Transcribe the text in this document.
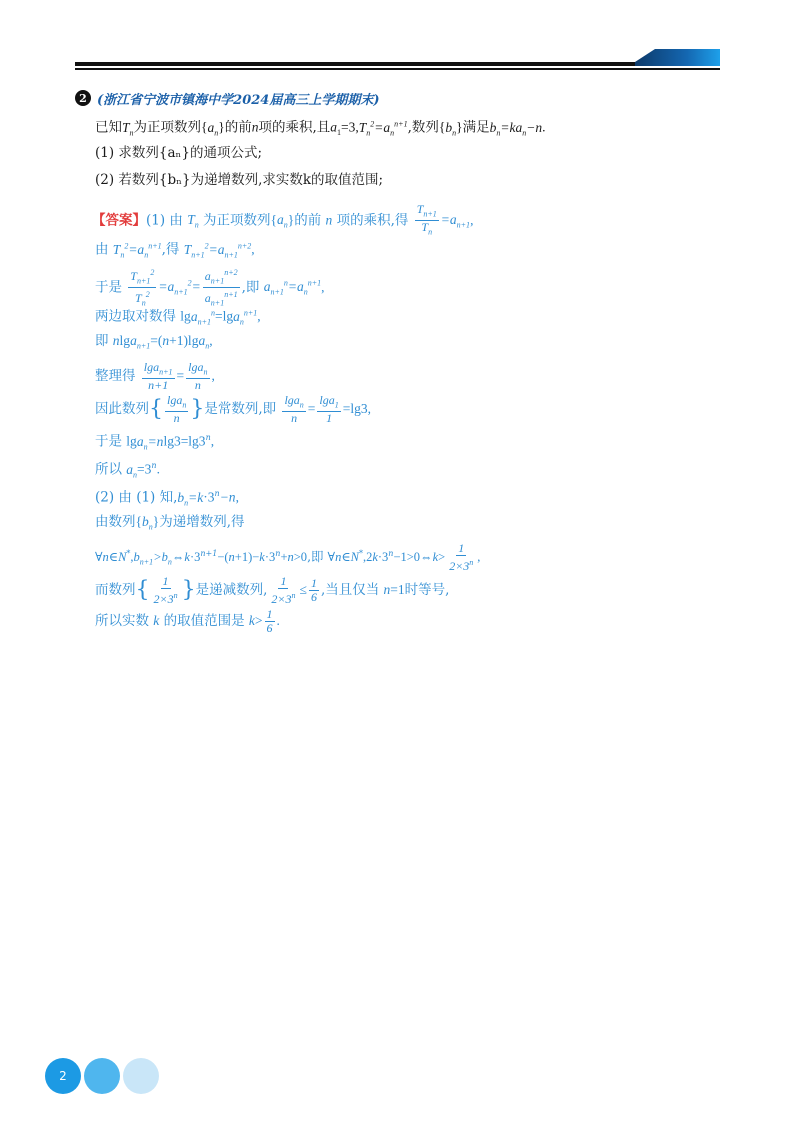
2 (浙江省宁波市镇海中学2024届高三上学期期末)
已知$T_n$为正项数列$\{a_n\}$的前n项的乘积,且$a_1=3,T_n^2=a_n^{n+1}$,数列$\{b_n\}$满足$b_n=ka_n-n$.
(1) 求数列{aₙ}的通项公式;
(2) 若数列{bₙ}为递增数列,求实数k的取值范围;
【答案】(1) 由 $T_n$ 为正项数列$\{a_n\}$的前 n 项的乘积,得 $\frac{T_{n+1}}{T_n} =a_{n+1}$,
由 $T_n^2=a_n^{n+1}$,得 $T_{n+1}^2=a_{n+1}^{n+2}$,
于是 $\frac{T_{n+1}^2}{T_n^2} =a_{n+1}^2= \frac{a_{n+1}^{n+2}}{a_{n+1}^{n+1}}$ ,即 $a_{n+1}^n=a_n^{n+1}$,
两边取对数得 lga$_{n+1}^n$=lga$_n^{n+1}$,
即 nlga$_{n+1}$=(n+1)lga$_n$,
整理得 $\frac{\lg a_{n+1}}{n+1} = \frac{\lg a_n}{n}$ ,
因此数列{ $\frac{\lg a_n}{n}$ }是常数列,即 $\frac{\lg a_n}{n} = \frac{\lg a_1}{1} =\lg 3$,
于是 $\lg a_n=nlg3=\lg 3^n$,
所以 $a_n=3^n$.
(2) 由 (1) 知$,b_n=k\cdot 3^n-n$,
由数列$\{b_n\}$为递增数列,得
$\forall n\in N^*,b_{n+1}>b_n\Leftrightarrow k\cdot 3^{n+1}-(n+1)-k\cdot 3^n+n>0$,即 $\forall n\in N^*,2k\cdot 3^n-1>0\Leftrightarrow k> \frac{1}{2\times 3^n}$ ,
而数列{ $\frac{1}{2\times 3^n}$ }是递减数列, $\frac{1}{2\times 3^n} \le \frac{1}{6}$ ,当且仅当 n=1时等号,
所以实数 k 的取值范围是 $k> \frac{1}{6}$ .
2
